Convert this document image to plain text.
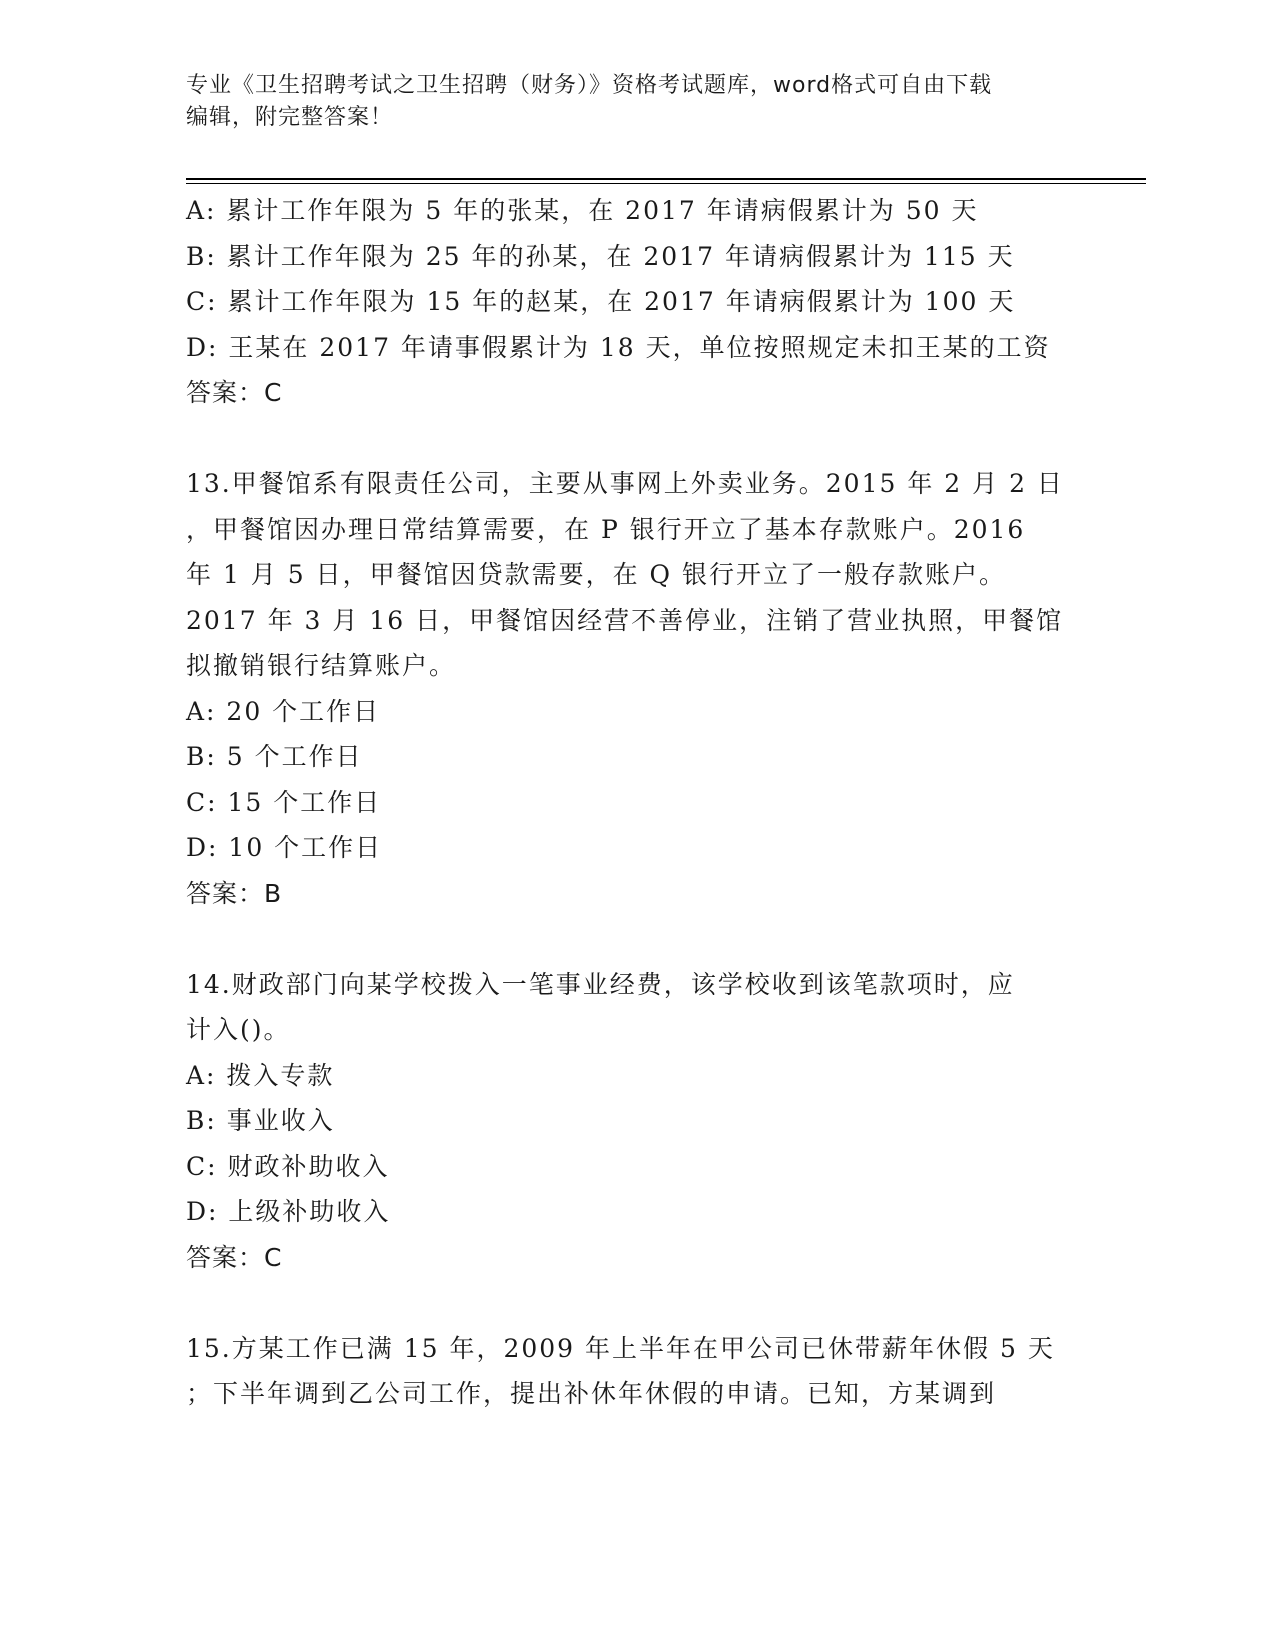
专业《卫生招聘考试之卫生招聘（财务）》资格考试题库，word格式可自由下载
编辑，附完整答案！
A: 累计工作年限为 5 年的张某，在 2017 年请病假累计为 50 天
B: 累计工作年限为 25 年的孙某，在 2017 年请病假累计为 115 天
C: 累计工作年限为 15 年的赵某，在 2017 年请病假累计为 100 天
D: 王某在 2017 年请事假累计为 18 天，单位按照规定未扣王某的工资
答案：C
13.甲餐馆系有限责任公司，主要从事网上外卖业务。2015 年 2 月 2 日
，甲餐馆因办理日常结算需要，在 P 银行开立了基本存款账户。2016
年 1 月 5 日，甲餐馆因贷款需要，在 Q 银行开立了一般存款账户。
2017 年 3 月 16 日，甲餐馆因经营不善停业，注销了营业执照，甲餐馆
拟撤销银行结算账户。
A: 20 个工作日
B: 5 个工作日
C: 15 个工作日
D: 10 个工作日
答案：B
14.财政部门向某学校拨入一笔事业经费，该学校收到该笔款项时，应
计入()。
A: 拨入专款
B: 事业收入
C: 财政补助收入
D: 上级补助收入
答案：C
15.方某工作已满 15 年，2009 年上半年在甲公司已休带薪年休假 5 天
；下半年调到乙公司工作，提出补休年休假的申请。已知，方某调到
